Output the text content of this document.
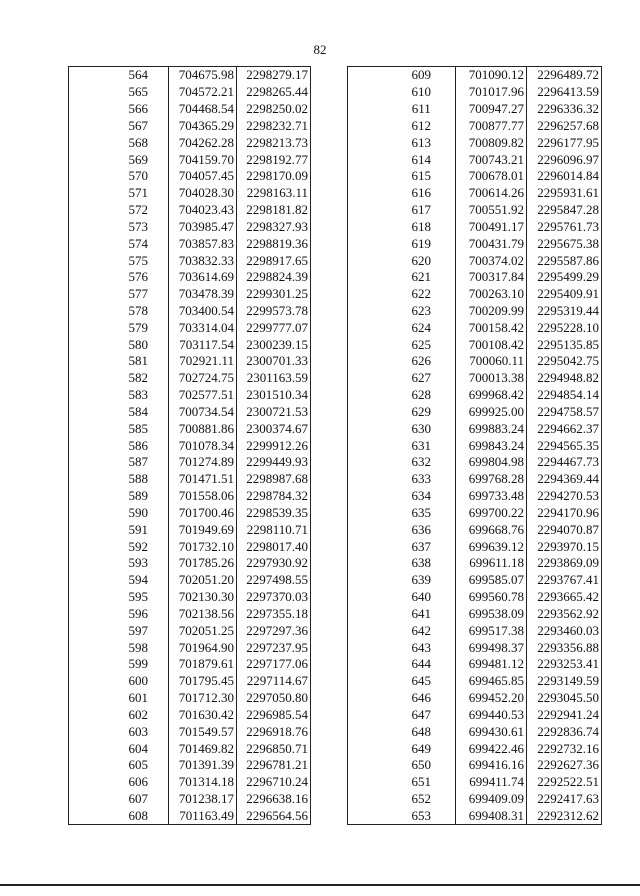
82
	564	704675.98	2298279.17
	565	704572.21	2298265.44
	566	704468.54	2298250.02
	567	704365.29	2298232.71
	568	704262.28	2298213.73
	569	704159.70	2298192.77
	570	704057.45	2298170.09
	571	704028.30	2298163.11
	572	704023.43	2298181.82
	573	703985.47	2298327.93
	574	703857.83	2298819.36
	575	703832.33	2298917.65
	576	703614.69	2298824.39
	577	703478.39	2299301.25
	578	703400.54	2299573.78
	579	703314.04	2299777.07
	580	703117.54	2300239.15
	581	702921.11	2300701.33
	582	702724.75	2301163.59
	583	702577.51	2301510.34
	584	700734.54	2300721.53
	585	700881.86	2300374.67
	586	701078.34	2299912.26
	587	701274.89	2299449.93
	588	701471.51	2298987.68
	589	701558.06	2298784.32
	590	701700.46	2298539.35
	591	701949.69	2298110.71
	592	701732.10	2298017.40
	593	701785.26	2297930.92
	594	702051.20	2297498.55
	595	702130.30	2297370.03
	596	702138.56	2297355.18
	597	702051.25	2297297.36
	598	701964.90	2297237.95
	599	701879.61	2297177.06
	600	701795.45	2297114.67
	601	701712.30	2297050.80
	602	701630.42	2296985.54
	603	701549.57	2296918.76
	604	701469.82	2296850.71
	605	701391.39	2296781.21
	606	701314.18	2296710.24
	607	701238.17	2296638.16
	608	701163.49	2296564.56
	609	701090.12	2296489.72
	610	701017.96	2296413.59
	611	700947.27	2296336.32
	612	700877.77	2296257.68
	613	700809.82	2296177.95
	614	700743.21	2296096.97
	615	700678.01	2296014.84
	616	700614.26	2295931.61
	617	700551.92	2295847.28
	618	700491.17	2295761.73
	619	700431.79	2295675.38
	620	700374.02	2295587.86
	621	700317.84	2295499.29
	622	700263.10	2295409.91
	623	700209.99	2295319.44
	624	700158.42	2295228.10
	625	700108.42	2295135.85
	626	700060.11	2295042.75
	627	700013.38	2294948.82
	628	699968.42	2294854.14
	629	699925.00	2294758.57
	630	699883.24	2294662.37
	631	699843.24	2294565.35
	632	699804.98	2294467.73
	633	699768.28	2294369.44
	634	699733.48	2294270.53
	635	699700.22	2294170.96
	636	699668.76	2294070.87
	637	699639.12	2293970.15
	638	699611.18	2293869.09
	639	699585.07	2293767.41
	640	699560.78	2293665.42
	641	699538.09	2293562.92
	642	699517.38	2293460.03
	643	699498.37	2293356.88
	644	699481.12	2293253.41
	645	699465.85	2293149.59
	646	699452.20	2293045.50
	647	699440.53	2292941.24
	648	699430.61	2292836.74
	649	699422.46	2292732.16
	650	699416.16	2292627.36
	651	699411.74	2292522.51
	652	699409.09	2292417.63
	653	699408.31	2292312.62
